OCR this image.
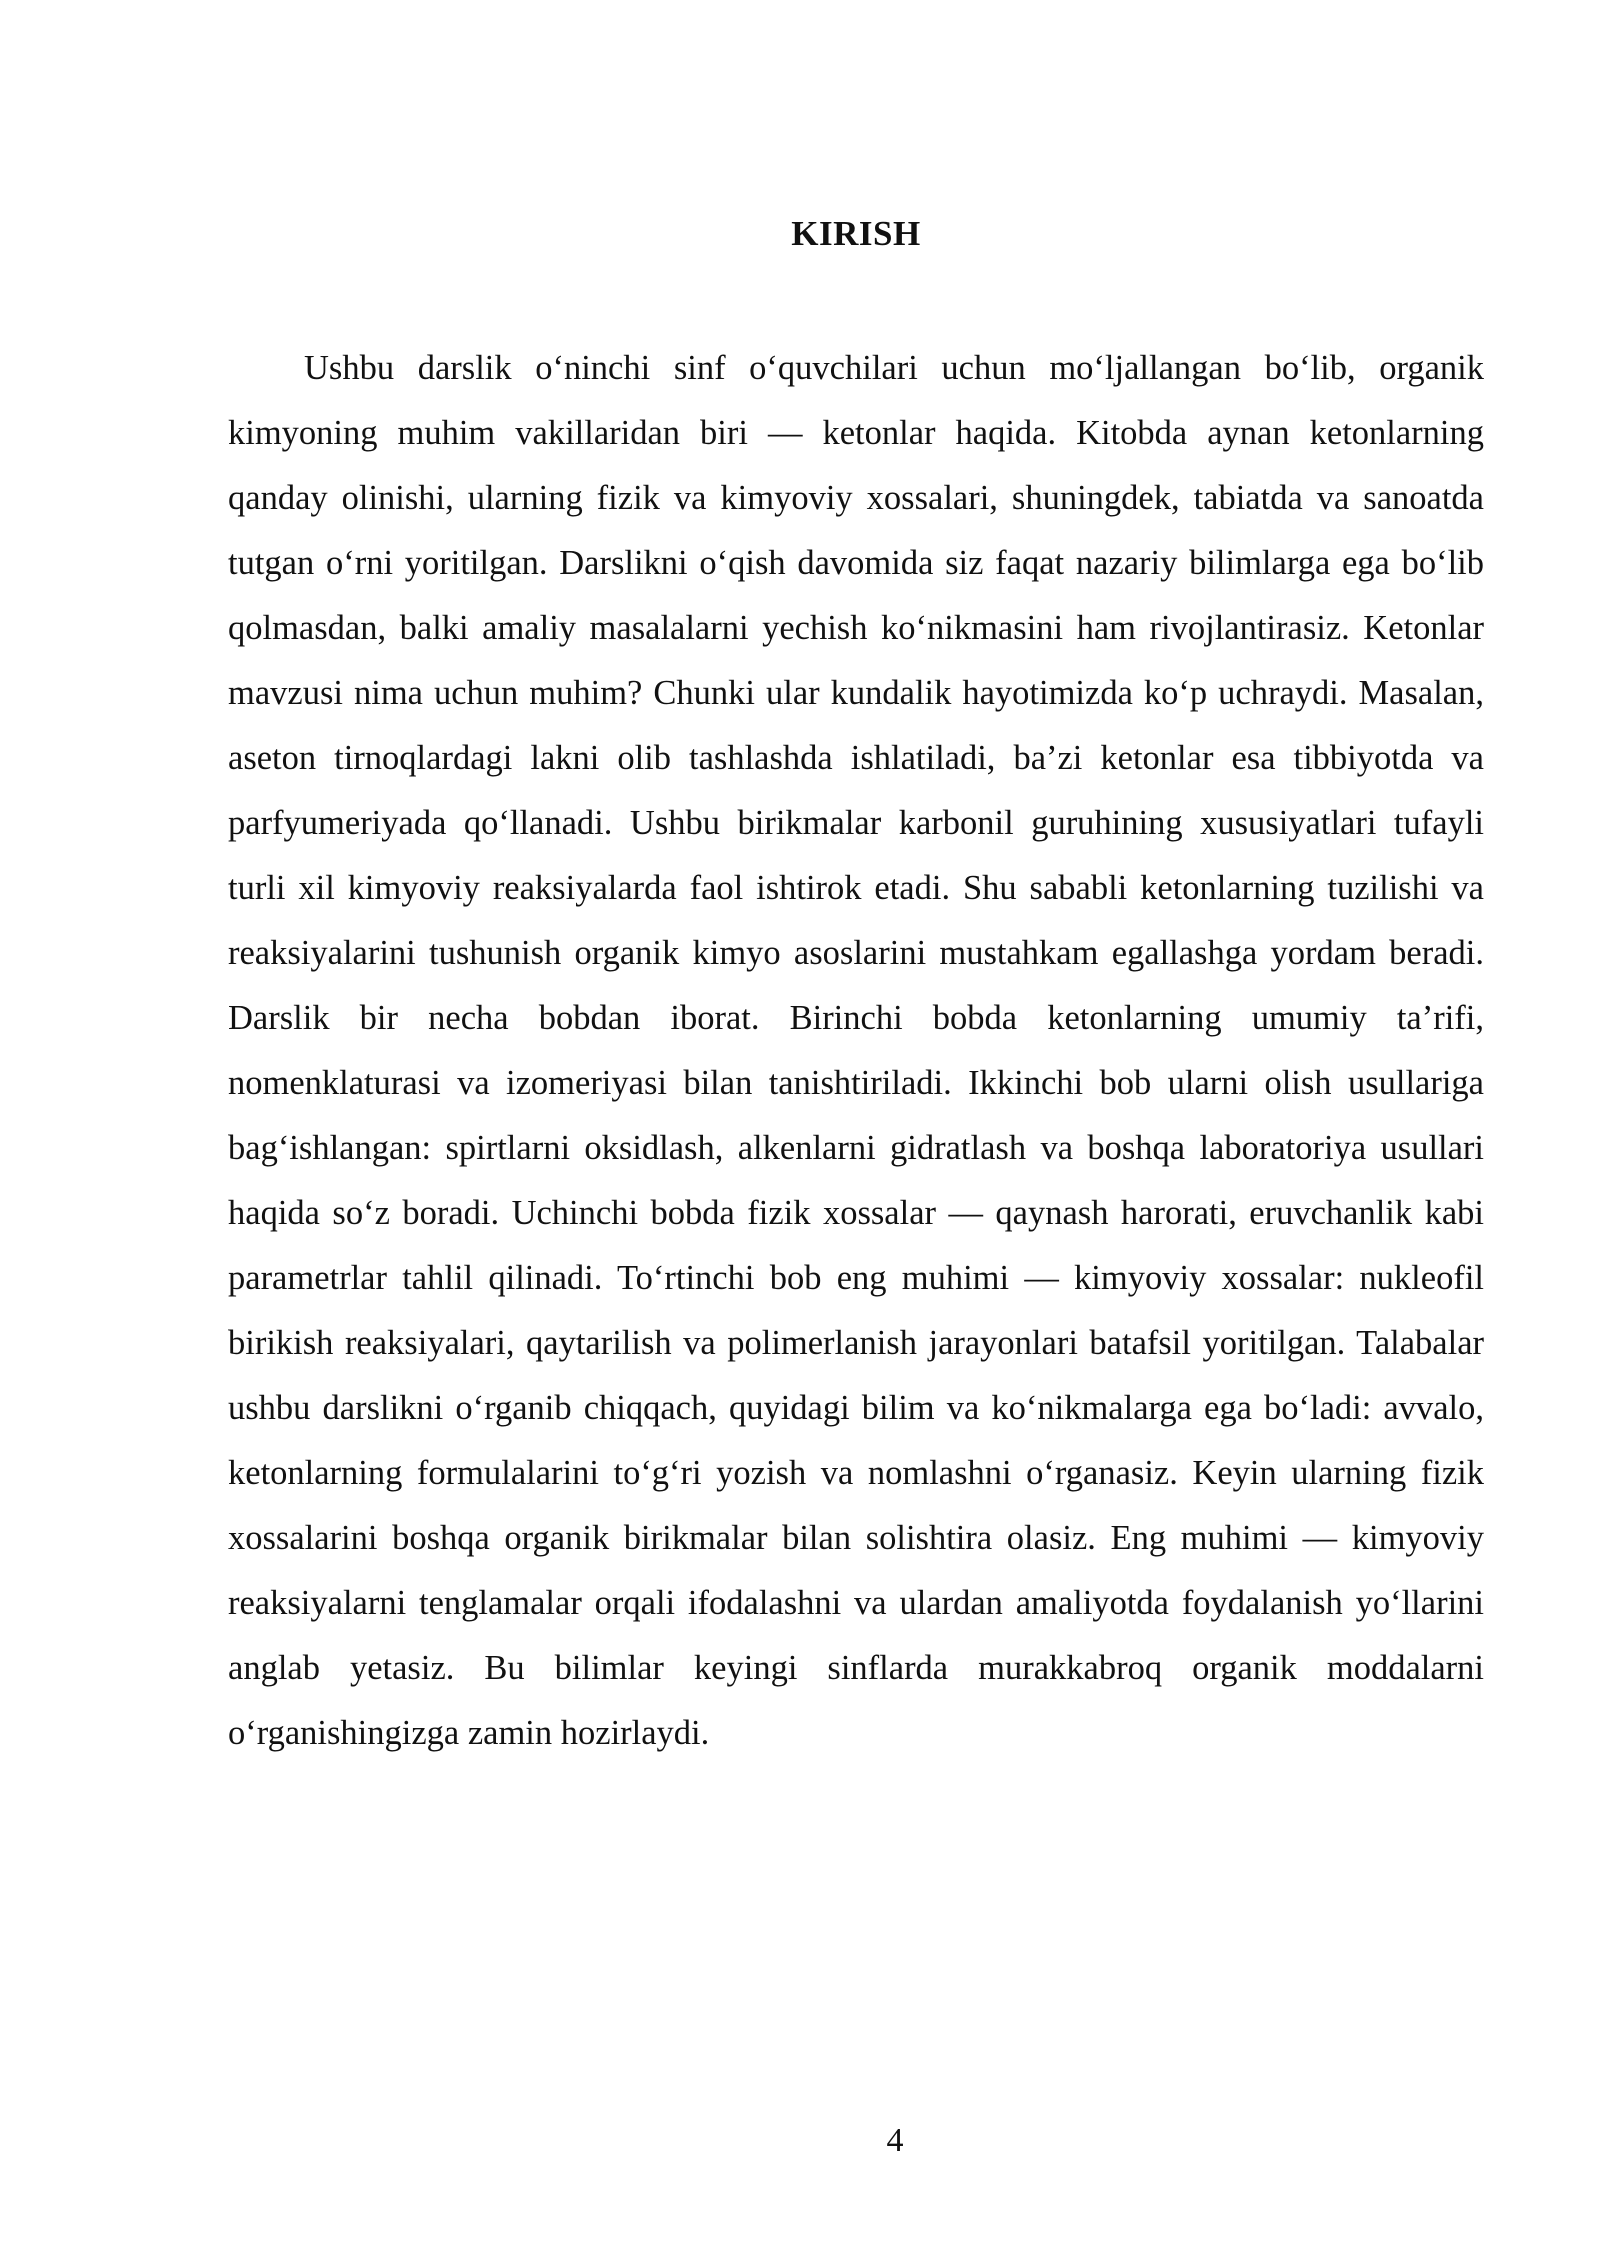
KIRISH

Ushbu darslik o‘ninchi sinf o‘quvchilari uchun mo‘ljallangan bo‘lib, organik kimyoning muhim vakillaridan biri — ketonlar haqida. Kitobda aynan ketonlarning qanday olinishi, ularning fizik va kimyoviy xossalari, shuningdek, tabiatda va sanoatda tutgan o‘rni yoritilgan. Darslikni o‘qish davomida siz faqat nazariy bilimlarga ega bo‘lib qolmasdan, balki amaliy masalalarni yechish ko‘nikmasini ham rivojlantirasiz. Ketonlar mavzusi nima uchun muhim? Chunki ular kundalik hayotimizda ko‘p uchraydi. Masalan, aseton tirnoqlardagi lakni olib tashlashda ishlatiladi, ba’zi ketonlar esa tibbiyotda va parfyumeriyada qo‘llanadi. Ushbu birikmalar karbonil guruhining xususiyatlari tufayli turli xil kimyoviy reaksiyalarda faol ishtirok etadi. Shu sababli ketonlarning tuzilishi va reaksiyalarini tushunish organik kimyo asoslarini mustahkam egallashga yordam beradi. Darslik bir necha bobdan iborat. Birinchi bobda ketonlarning umumiy ta’rifi, nomenklaturasi va izomeriyasi bilan tanishtiriladi. Ikkinchi bob ularni olish usullariga bag‘ishlangan: spirtlarni oksidlash, alkenlarni gidratlash va boshqa laboratoriya usullari haqida so‘z boradi. Uchinchi bobda fizik xossalar — qaynash harorati, eruvchanlik kabi parametrlar tahlil qilinadi. To‘rtinchi bob eng muhimi — kimyoviy xossalar: nukleofil birikish reaksiyalari, qaytarilish va polimerlanish jarayonlari batafsil yoritilgan. Talabalar ushbu darslikni o‘rganib chiqqach, quyidagi bilim va ko‘nikmalarga ega bo‘ladi: avvalo, ketonlarning formulalarini to‘g‘ri yozish va nomlashni o‘rganasiz. Keyin ularning fizik xossalarini boshqa organik birikmalar bilan solishtira olasiz. Eng muhimi — kimyoviy reaksiyalarni tenglamalar orqali ifodalashni va ulardan amaliyotda foydalanish yo‘llarini anglab yetasiz. Bu bilimlar keyingi sinflarda murakkabroq organik moddalarni o‘rganishingizga zamin hozirlaydi.

4
